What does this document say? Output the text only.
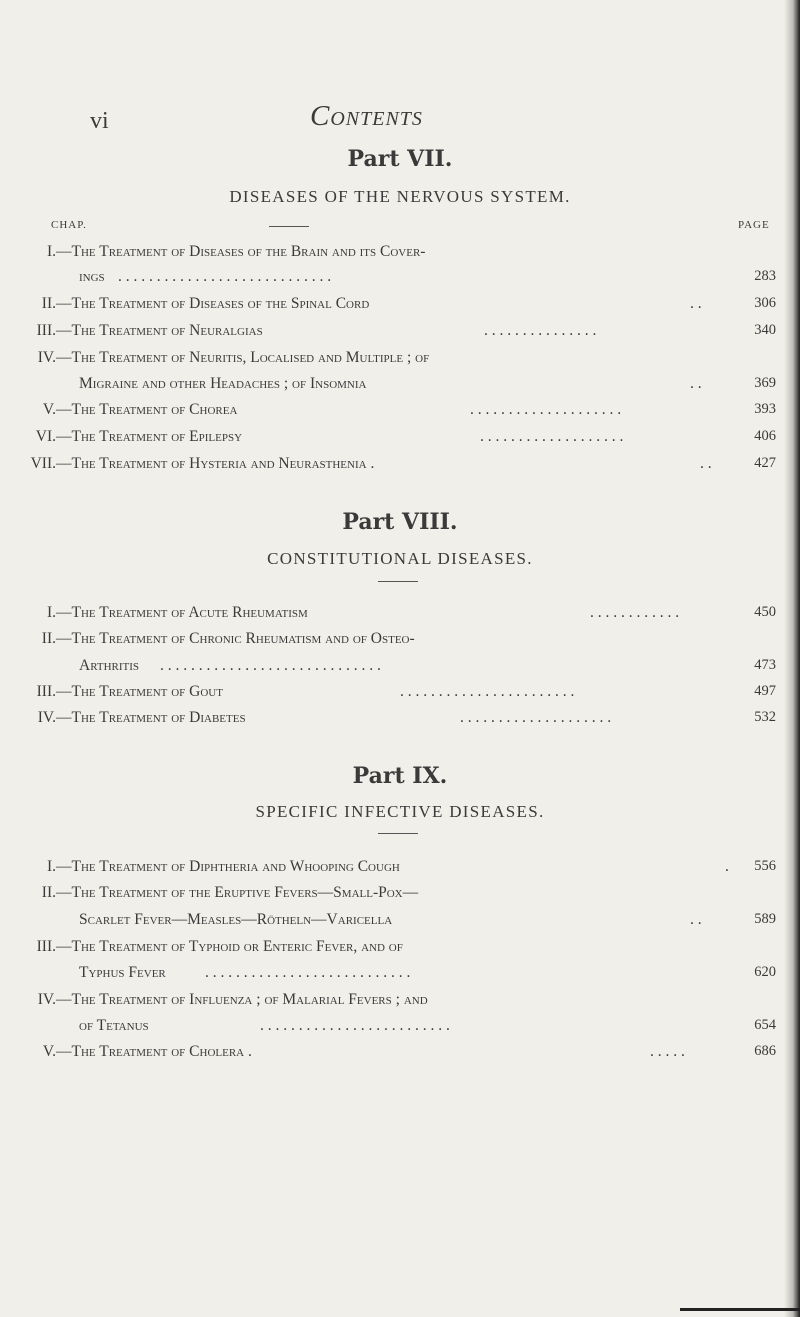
vi	Contents
Part VII.
DISEASES OF THE NERVOUS SYSTEM.
CHAP.	PAGE
I. —The Treatment of Diseases of the Brain and its Cover-
ings . . . . . . . . . . . . . . . . . . . . . . . . . . . .	283
II. —The Treatment of Diseases of the Spinal Cord	. .	306
III. —The Treatment of Neuralgias	. . . . . . . . . . . . . . .	340
IV. —The Treatment of Neuritis, Localised and Multiple ; of
Migraine and other Headaches ; of Insomnia	. .	369
V. —The Treatment of Chorea	. . . . . . . . . . . . . . . . . . . .	393
VI. —The Treatment of Epilepsy	. . . . . . . . . . . . . . . . . . .	406
VII. —The Treatment of Hysteria and Neurasthenia .	. .	427
Part VIII.
CONSTITUTIONAL DISEASES.
I. —The Treatment of Acute Rheumatism	. . . . . . . . . . . .	450
II. —The Treatment of Chronic Rheumatism and of Osteo-
Arthritis . . . . . . . . . . . . . . . . . . . . . . . . . . . . .	473
III. —The Treatment of Gout	. . . . . . . . . . . . . . . . . . . . . . .	497
IV. —The Treatment of Diabetes	. . . . . . . . . . . . . . . . . . . .	532
Part IX.
SPECIFIC INFECTIVE DISEASES.
I. —The Treatment of Diphtheria and Whooping Cough	.	556
II. —The Treatment of the Eruptive Fevers—Small-Pox—
Scarlet Fever—Measles—Rötheln—Varicella	. .	589
III. —The Treatment of Typhoid or Enteric Fever, and of
Typhus Fever	. . . . . . . . . . . . . . . . . . . . . . . . . . .	620
IV. —The Treatment of Influenza ; of Malarial Fevers ; and
of Tetanus	. . . . . . . . . . . . . . . . . . . . . . . . .	654
V. —The Treatment of Cholera .	. . . . .	686
